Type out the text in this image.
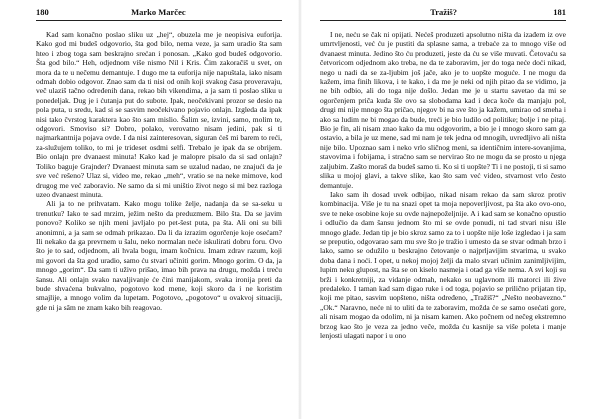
180	Marko Marčec

Kad sam konačno poslao sliku uz „hej“, obuzela me je neopisiva euforija. Kako god mi budeš odgovorio, šta god bilo, nema veze, ja sam uradio šta sam hteo i zbog toga sam beskrajno srećan i ponosan. „Kako god budeš odgovorio. Šta god bilo.“ Heh, odjednom više nismo Nil i Kris. Čim zakoračiš u svet, on mora da te u nečemu demantuje. I dugo me ta euforija nije napuštala, iako nisam odmah dobio odgovor. Znao sam da ti nisi od onih koji svakog časa proveravaju, več ulaziš tačno određenih dana, rekao bih vikendima, a ja sam ti poslao sliku u ponedeljak. Dug je i ćutanja put do subote. Ipak, neočekivani prozor se desio na pola puta, u sredu, kad si se sasvim neočekivano pojavio onlajn. Izgleda da ipak nisi tako čvrstog karaktera kao što sam mislio. Šalim se, izvini, samo, molim te, odgovori. Smoviso si? Dobro, polako, verovatno nisam jedini, pak si ti najmarkantnija pojava ovde. I da nisi zainteresovan, siguran ćeš mi barem to reći, za-služujem toliko, to mi je trideset osdmi selfi. Trebalo je ipak da se obrijem. Bio onlajn pre dvanaest minuta! Kako kad je malopre pisalo da si sad onlajn? Toliko baguje Grajnder? Dvanaest minuta sam se uzalud nadao, ne znajući da je sve već rešeno? Ulaz si, video me, rekao „meh“, vratio se na neke mimove, kod drugog me već zaboravio. Ne samo da si mi uništio život nego si mi bez razloga uzeo dvanaest minuta.

Ali ja to ne prihvatam. Kako mogu tolike želje, nadanja da se sa-seku u trenutku? Iako te sad mrzim, ježim nešto da preduzmem. Bilo šta. Da se javim ponovo? Koliko se njih meni javljalo po pet-šest puta, pa šta. Ali oni su bili anonimni, a ja sam se odmah prikazao. Da li da izrazim ogorčenje koje osećam? Ili nekako da ga prevrnem u šalu, neko normalan neće iskulirati dobru foru. Ovo što je to sad, odjednom, ali hvala bogu, imam kočnicu. Imam zdrav razum, koji mi govori da šta god uradio, samo ću stvari učiniti gorim. Mnogo gorim. O da, ja mnogo „gorim“. Da sam ti uživo prišao, imao bih prava na drugu, možda i treću šansu. Ali onlajn svako navaljivanje će čini manijakom, svaka ironija preti da bude shvaćena bukvalno, pogotovo kod mene, koji skoro da i ne koristim smajlije, a mnogo volim da lupetam. Pogotovo, „pogotovo“ u ovakvoj situaciji, gde ni ja sâm ne znam kako bih reagovao.

Tražiš?	181

I ne, neću se čak ni opijati. Nećeš produzeti apsolutno ništa da izađem iz ove umrtvljenosti, već ću je pustiti da splasne sama, a trebaće za to mnogo više od dvanaest minuta. Jedino što ću produzeti, jeste da ću se više muvati. Četovaću sa četvoricom odjednom ako treba, ne da te zaboravim, jer do toga neće doći nikad, nego u nadi da se za-ljubim još jače, ako je to uopšte moguće. I ne mogu da kažem, ima finih likova, i te kako, i da me je neki od njih pitao da se vidimo, ja ne bih odbio, ali do toga nije došlo. Jedan me je u startu savetao da mi se ogorčenjem priča kuda šle ovo sa slobodama kad i deca koče da manjaju pol, drugi mi nije mnogo šta pričao, njegov bi na sve što ja kažem, umirao od smeha i ako sa ludim ne bi mogao da bude, treći je bio ludilo od politike; bolje i ne pitaj. Bio je fin, ali nisam znao kako da mu odgovorim, a bio je i mnogo skoro sam ga ostavio, a bila je uz mene, sad mi nam je tek jedna od mnogih, uvredljivo ali ništa nije bilo. Upoznao sam i neko vrlo sličnog meni, sa identičnim intere-sovanjima, stavovima i fobijama, i straćno sam se nervirao što ne mogu da se prosto u njega zaljubim. Zašto moraš da budeš samo ti. Ko si ti uopšte? Ti i ne postoji, ti si samo slika u mojoj glavi, a takve slike, kao što sam već video, stvarnost vrlo često demantuje.

Iako sam ih dosad uvek odbijao, nikad nisam rekao da sam skroz protiv kombinacija. Više je tu na snazi opet ta moja nepoverljivost, pa šta ako ovo-ono, sve te neke osobine koje su ovde najnepoželjnije. A i kad sam se konačno opustio i odlučio da dam šansu jednom što mi se ovde ponudi, ni tad stvari nisu išle mnogo glađe. Jedan tip je bio skroz samo za to i uopšte nije loše izgledao i ja sam se preputio, odgovarao sam mu sve što je tražio i umesto da se stvar odmah brzo i lako, samo se odužilo u beskrajno četovanje o najprljavijim stvarima, u svako doba dana i noći. I opet, u nekoj mojoj želji da malo stvari učinim zanimljivijim, lupim neku glupost, na šta se on kiselo nasmeja i otad ga više nema. A svi koji su brži i konkretniji, za vidanje odmah, nekako su uglavnom ili matorci ili živе predaleko. I taman kad sam digao ruke i od toga, pojavio se prilično prijatan tip, koji me pitao, sasvim uopšteno, ništa određeno, „Tražiš?“ „Nešto neobavezno.“ „Ok.“ Naravno, neće ni to uliti da te zaboravim, možda će se samo osećati gore, ali nisam mogao da odolim, ni ja nisam kamen. Ako počnem od nečeg ekstremno brzog kao što je veza za jedno veče, možda ću kasnije sa više poleta i manje lenjosti ulagati napor i u ono
